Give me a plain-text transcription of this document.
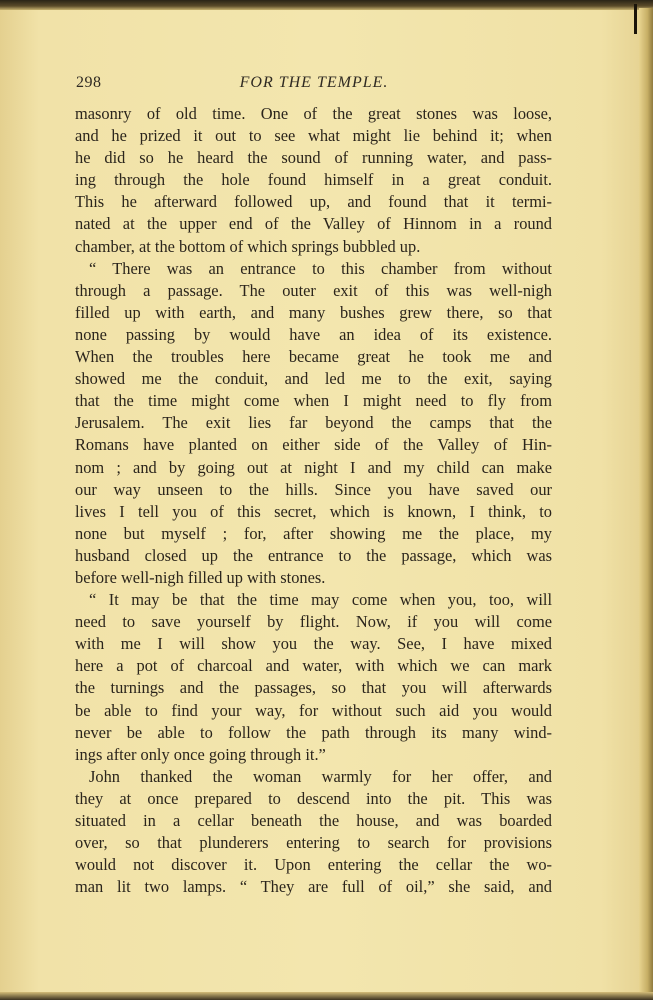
298	FOR THE TEMPLE.
masonry of old time. One of the great stones was loose,
and he prized it out to see what might lie behind it; when
he did so he heard the sound of running water, and pass-
ing through the hole found himself in a great conduit.
This he afterward followed up, and found that it termi-
nated at the upper end of the Valley of Hinnom in a round
chamber, at the bottom of which springs bubbled up.
“ There was an entrance to this chamber from without
through a passage. The outer exit of this was well-nigh
filled up with earth, and many bushes grew there, so that
none passing by would have an idea of its existence.
When the troubles here became great he took me and
showed me the conduit, and led me to the exit, saying
that the time might come when I might need to fly from
Jerusalem. The exit lies far beyond the camps that the
Romans have planted on either side of the Valley of Hin-
nom ; and by going out at night I and my child can make
our way unseen to the hills. Since you have saved our
lives I tell you of this secret, which is known, I think, to
none but myself ; for, after showing me the place, my
husband closed up the entrance to the passage, which was
before well-nigh filled up with stones.
“ It may be that the time may come when you, too, will
need to save yourself by flight. Now, if you will come
with me I will show you the way. See, I have mixed
here a pot of charcoal and water, with which we can mark
the turnings and the passages, so that you will afterwards
be able to find your way, for without such aid you would
never be able to follow the path through its many wind-
ings after only once going through it.”
John thanked the woman warmly for her offer, and
they at once prepared to descend into the pit. This was
situated in a cellar beneath the house, and was boarded
over, so that plunderers entering to search for provisions
would not discover it. Upon entering the cellar the wo-
man lit two lamps. “ They are full of oil,” she said, and
